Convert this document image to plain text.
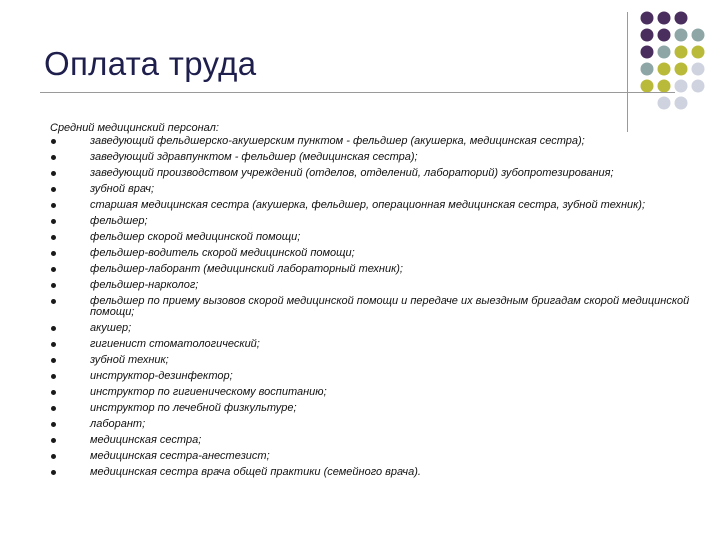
Оплата труда

Средний медицинский персонал:

заведующий фельдшерско-акушерским пунктом - фельдшер (акушерка, медицинская сестра);
заведующий здравпунктом - фельдшер (медицинская сестра);
заведующий производством учреждений (отделов, отделений, лабораторий) зубопротезирования;
зубной врач;
старшая медицинская сестра (акушерка, фельдшер, операционная медицинская сестра, зубной техник);
фельдшер;
фельдшер скорой медицинской помощи;
фельдшер-водитель скорой медицинской помощи;
фельдшер-лаборант (медицинский лабораторный техник);
фельдшер-нарколог;
фельдшер по приему вызовов скорой медицинской помощи и передаче их выездным бригадам скорой медицинской помощи;
акушер;
гигиенист стоматологический;
зубной техник;
инструктор-дезинфектор;
инструктор по гигиеническому воспитанию;
инструктор по лечебной физкультуре;
лаборант;
медицинская сестра;
медицинская сестра-анестезист;
медицинская сестра врача общей практики (семейного врача).
